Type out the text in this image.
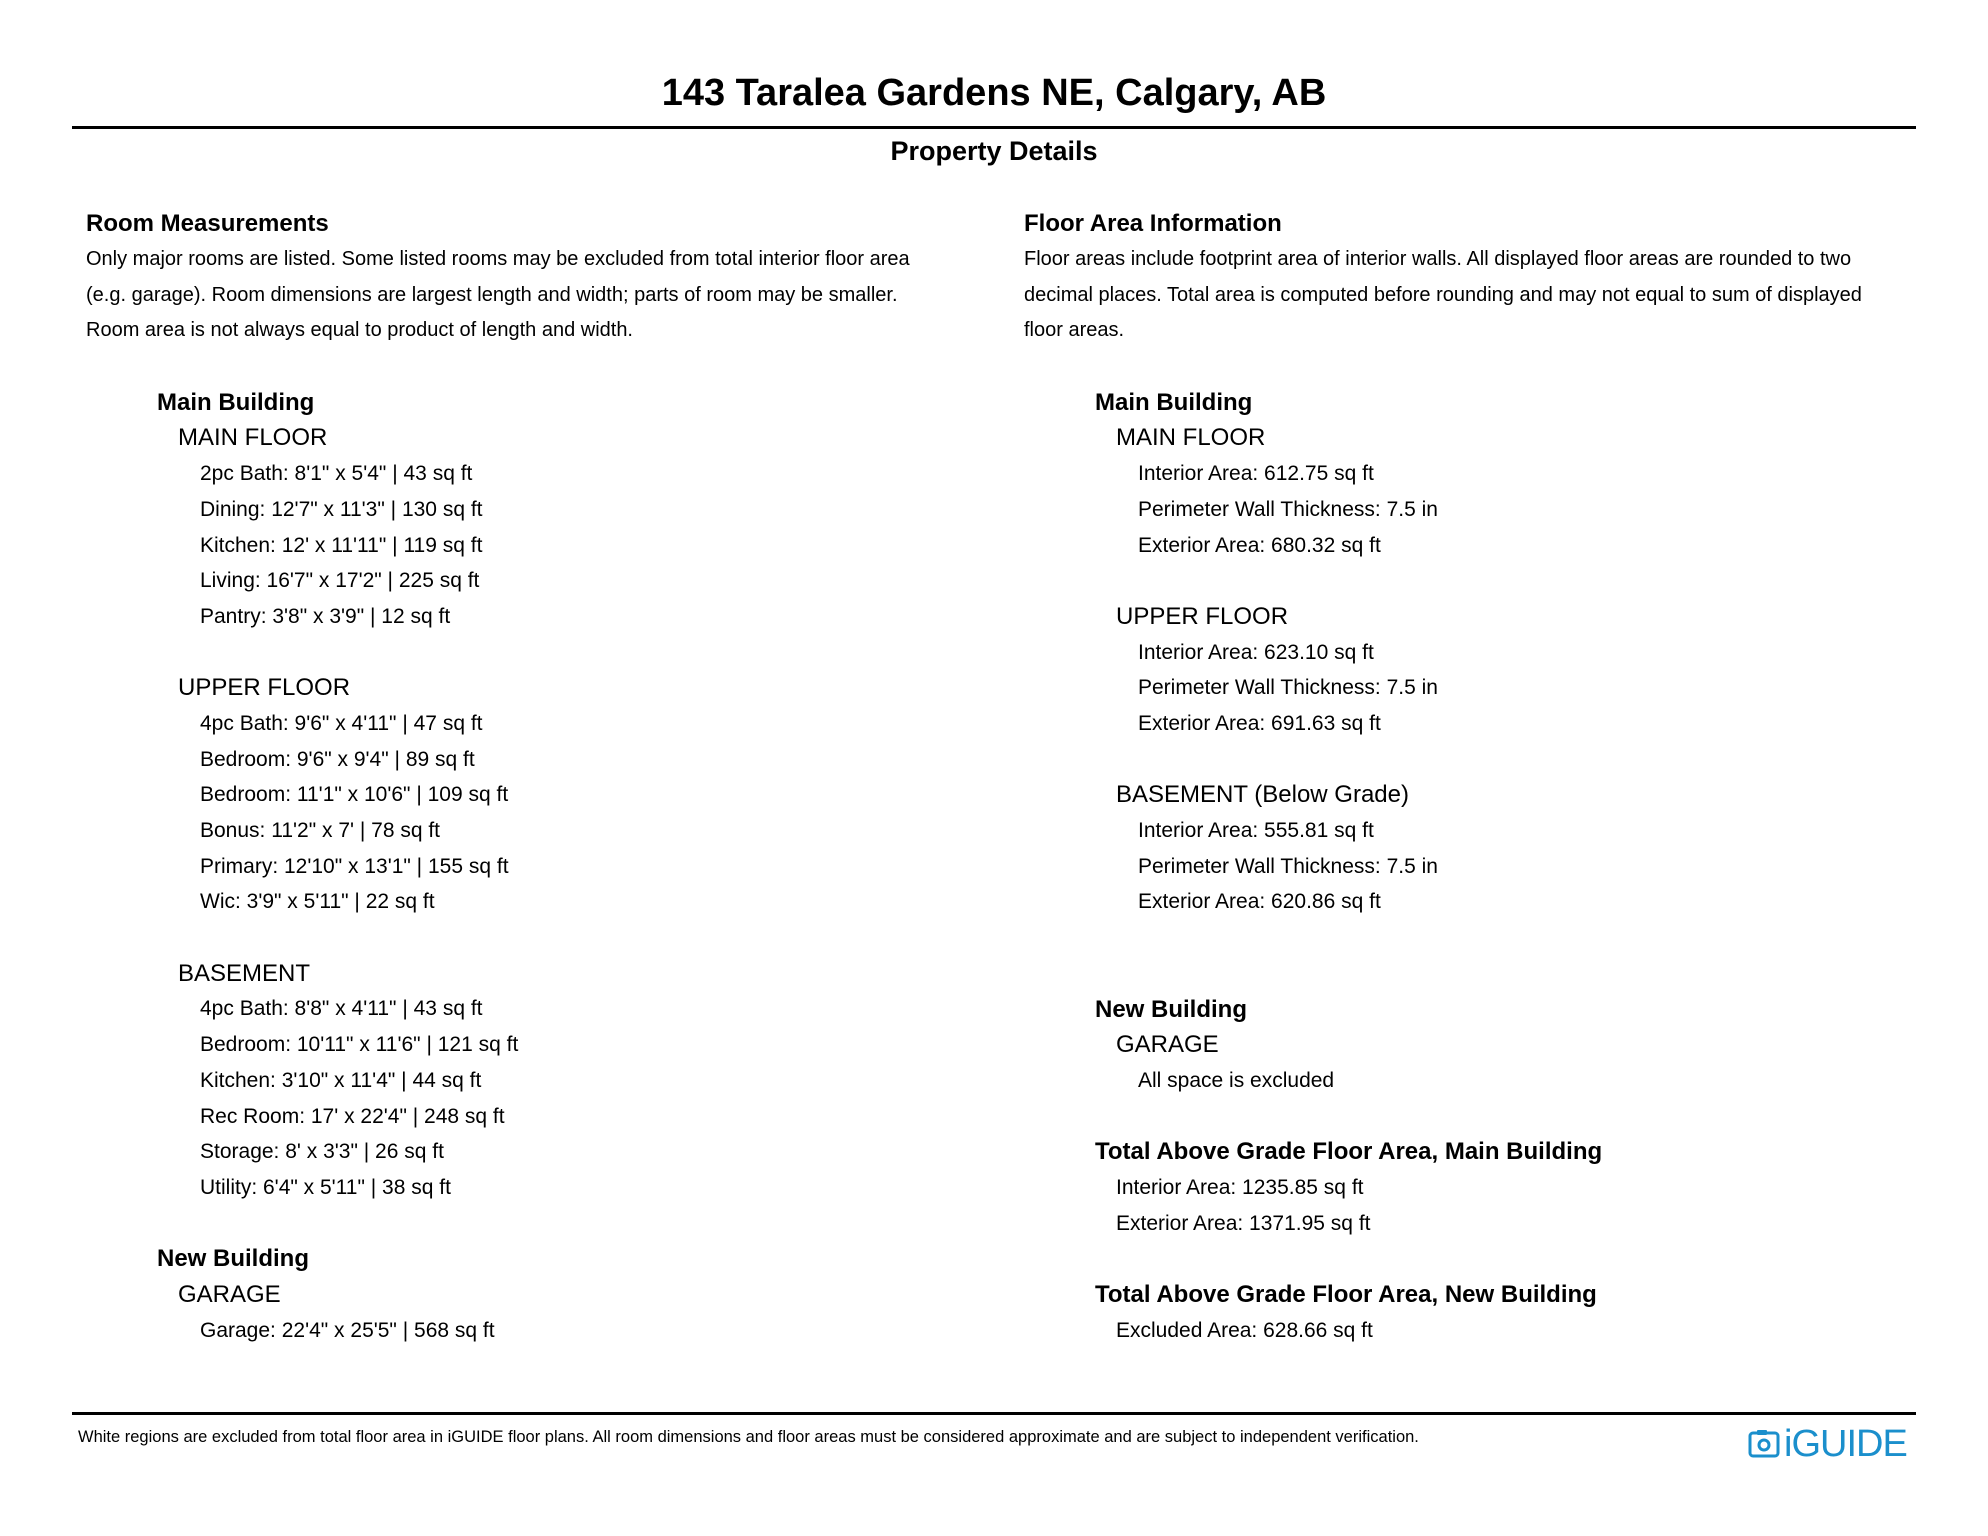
143 Taralea Gardens NE, Calgary, AB
Property Details
Room Measurements

Only major rooms are listed. Some listed rooms may be excluded from total interior floor area
(e.g. garage). Room dimensions are largest length and width; parts of room may be smaller.
Room area is not always equal to product of length and width.

Main Building
MAIN FLOOR
2pc Bath: 8'1" x 5'4" | 43 sq ft
Dining: 12'7" x 11'3" | 130 sq ft
Kitchen: 12' x 11'11" | 119 sq ft
Living: 16'7" x 17'2" | 225 sq ft
Pantry: 3'8" x 3'9" | 12 sq ft
UPPER FLOOR
4pc Bath: 9'6" x 4'11" | 47 sq ft
Bedroom: 9'6" x 9'4" | 89 sq ft
Bedroom: 11'1" x 10'6" | 109 sq ft
Bonus: 11'2" x 7' | 78 sq ft
Primary: 12'10" x 13'1" | 155 sq ft
Wic: 3'9" x 5'11" | 22 sq ft
BASEMENT
4pc Bath: 8'8" x 4'11" | 43 sq ft
Bedroom: 10'11" x 11'6" | 121 sq ft
Kitchen: 3'10" x 11'4" | 44 sq ft
Rec Room: 17' x 22'4" | 248 sq ft
Storage: 8' x 3'3" | 26 sq ft
Utility: 6'4" x 5'11" | 38 sq ft
New Building
GARAGE
Garage: 22'4" x 25'5" | 568 sq ft
Floor Area Information

Floor areas include footprint area of interior walls. All displayed floor areas are rounded to two
decimal places. Total area is computed before rounding and may not equal to sum of displayed
floor areas.

Main Building
MAIN FLOOR
Interior Area: 612.75 sq ft
Perimeter Wall Thickness: 7.5 in
Exterior Area: 680.32 sq ft
UPPER FLOOR
Interior Area: 623.10 sq ft
Perimeter Wall Thickness: 7.5 in
Exterior Area: 691.63 sq ft
BASEMENT (Below Grade)
Interior Area: 555.81 sq ft
Perimeter Wall Thickness: 7.5 in
Exterior Area: 620.86 sq ft
New Building
GARAGE
All space is excluded
Total Above Grade Floor Area, Main Building
Interior Area: 1235.85 sq ft
Exterior Area: 1371.95 sq ft
Total Above Grade Floor Area, New Building
Excluded Area: 628.66 sq ft
White regions are excluded from total floor area in iGUIDE floor plans. All room dimensions and floor areas must be considered approximate and are subject to independent verification.	iGUIDE
